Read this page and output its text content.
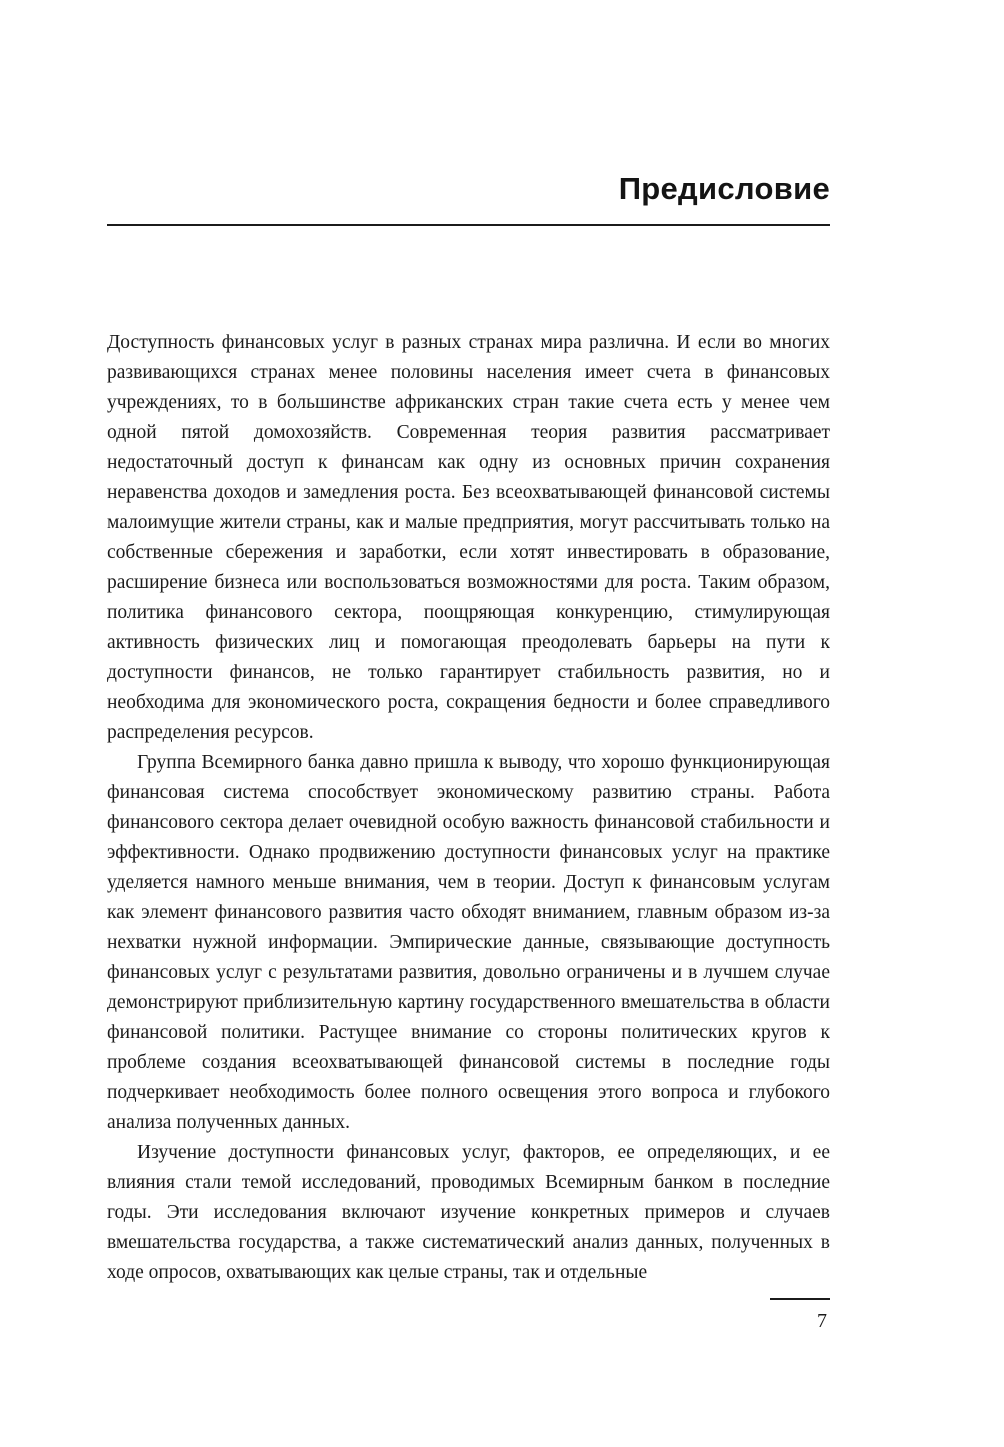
Предисловие

Доступность финансовых услуг в разных странах мира различна. И если во многих развивающихся странах менее половины населения имеет счета в финансовых учреждениях, то в большинстве африканских стран такие счета есть у менее чем одной пятой домохозяйств. Современная теория развития рассматривает недостаточный доступ к финансам как одну из основных причин сохранения неравенства доходов и замедления роста. Без всеохватывающей финансовой системы малоимущие жители страны, как и малые предприятия, могут рассчитывать только на собственные сбережения и заработки, если хотят инвестировать в образование, расширение бизнеса или воспользоваться возможностями для роста. Таким образом, политика финансового сектора, поощряющая конкуренцию, стимулирующая активность физических лиц и помогающая преодолевать барьеры на пути к доступности финансов, не только гарантирует стабильность развития, но и необходима для экономического роста, сокращения бедности и более справедливого распределения ресурсов.

Группа Всемирного банка давно пришла к выводу, что хорошо функционирующая финансовая система способствует экономическому развитию страны. Работа финансового сектора делает очевидной особую важность финансовой стабильности и эффективности. Однако продвижению доступности финансовых услуг на практике уделяется намного меньше внимания, чем в теории. Доступ к финансовым услугам как элемент финансового развития часто обходят вниманием, главным образом из-за нехватки нужной информации. Эмпирические данные, связывающие доступность финансовых услуг с результатами развития, довольно ограничены и в лучшем случае демонстрируют приблизительную картину государственного вмешательства в области финансовой политики. Растущее внимание со стороны политических кругов к проблеме создания всеохватывающей финансовой системы в последние годы подчеркивает необходимость более полного освещения этого вопроса и глубокого анализа полученных данных.

Изучение доступности финансовых услуг, факторов, ее определяющих, и ее влияния стали темой исследований, проводимых Всемирным банком в последние годы. Эти исследования включают изучение конкретных примеров и случаев вмешательства государства, а также систематический анализ данных, полученных в ходе опросов, охватывающих как целые страны, так и отдельные

7
